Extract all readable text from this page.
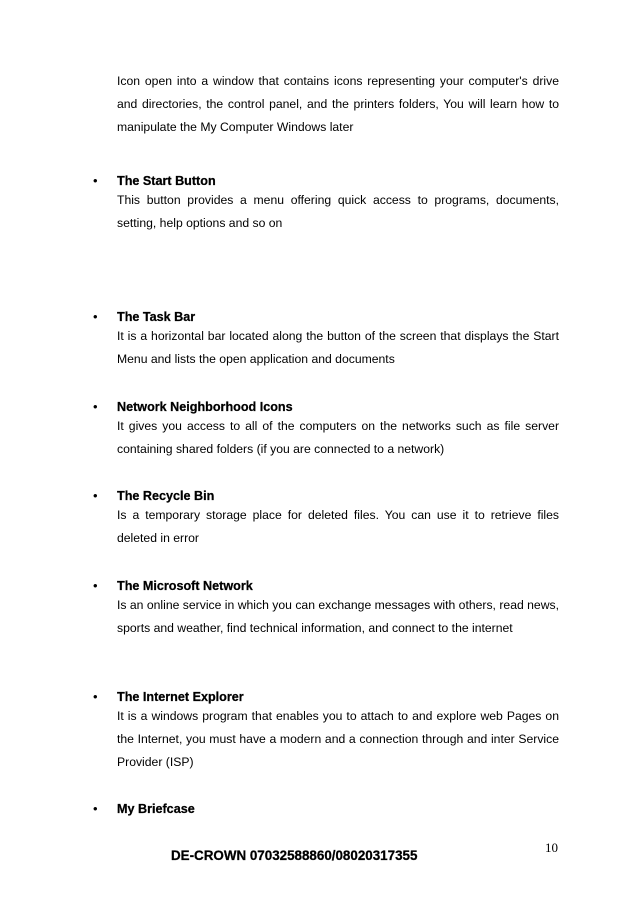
Icon open into a window that contains icons representing your computer's drive and directories, the control panel, and the printers folders, You will learn how to manipulate the My Computer Windows later

• The Start Button

This button provides a menu offering quick access to programs, documents, setting, help options and so on

• The Task Bar

It is a horizontal bar located along the button of the screen that displays the Start Menu and lists the open application and documents

• Network Neighborhood Icons

It gives you access to all of the computers on the networks such as file server containing shared folders (if you are connected to a network)

• The Recycle Bin

Is a temporary storage place for deleted files. You can use it to retrieve files deleted in error

• The Microsoft Network

Is an online service in which you can exchange messages with others, read news, sports and weather, find technical information, and connect to the internet

• The Internet Explorer

It is a windows program that enables you to attach to and explore web Pages on the Internet, you must have a modern and a connection through and inter Service Provider (ISP)

• My Briefcase
10
DE-CROWN 07032588860/08020317355
